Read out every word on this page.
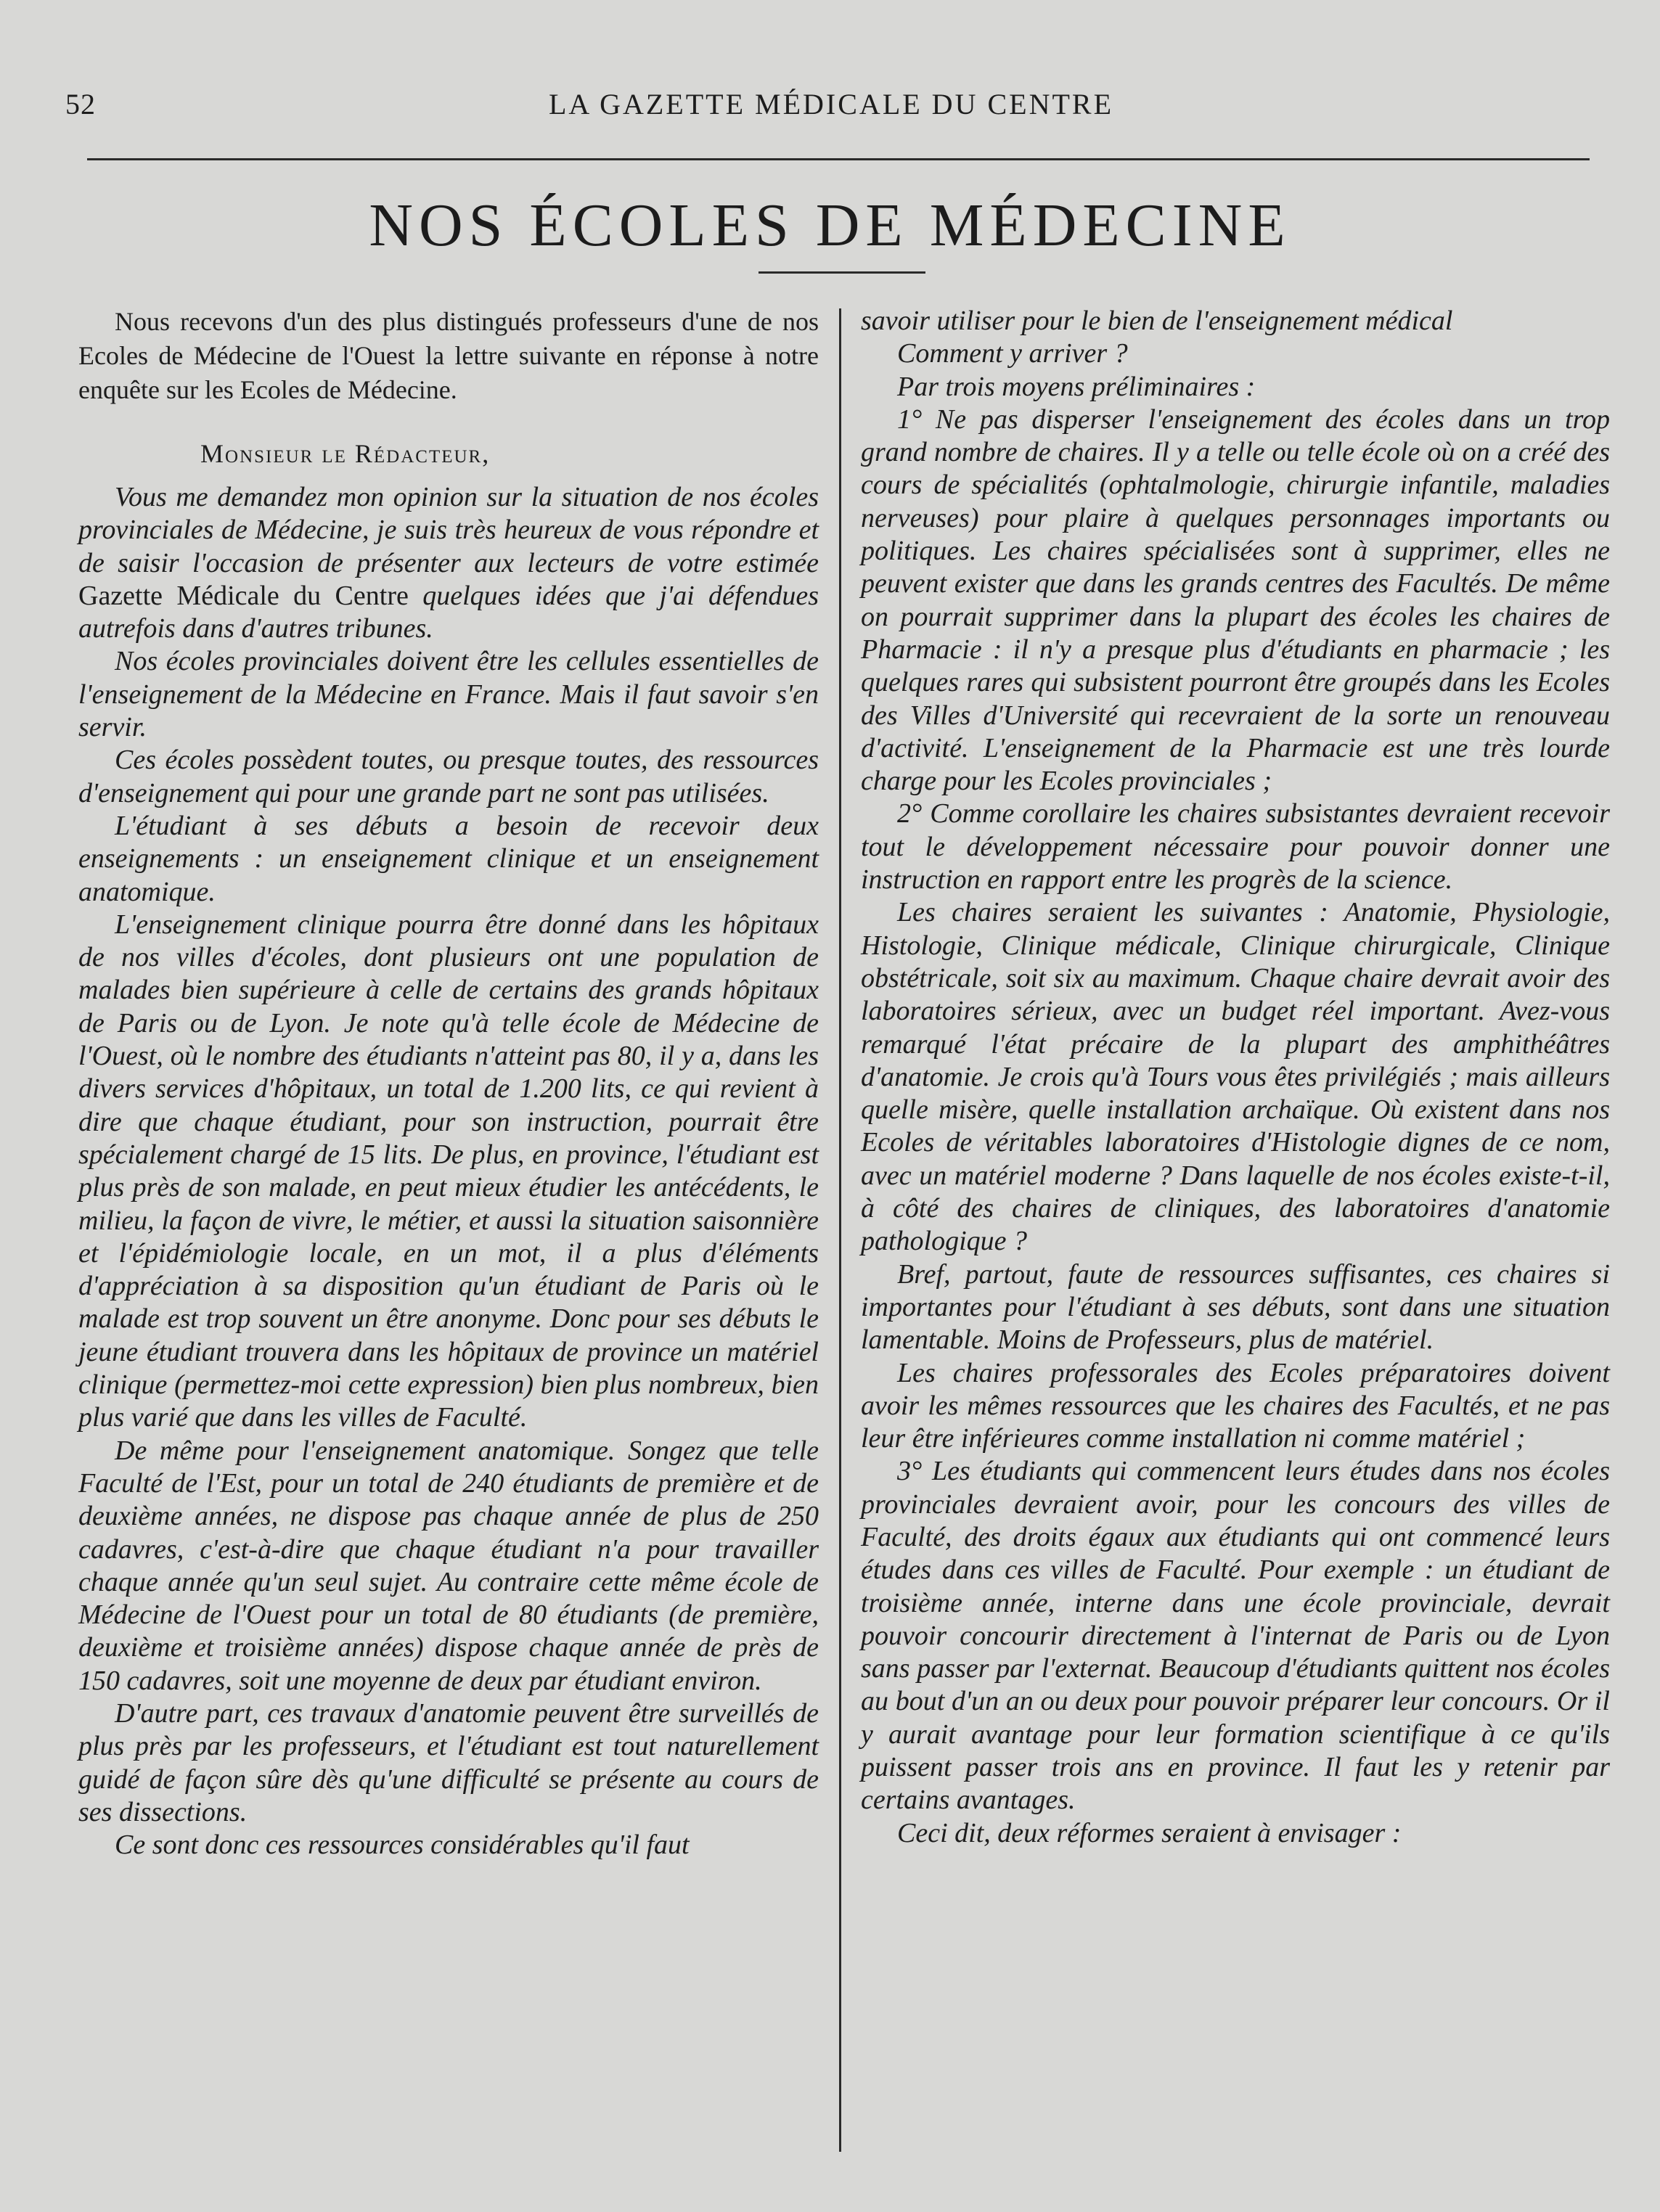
52	LA GAZETTE MÉDICALE DU CENTRE
NOS ÉCOLES DE MÉDECINE

Nous recevons d'un des plus distingués professeurs d'une de nos Ecoles de Médecine de l'Ouest la lettre suivante en réponse à notre enquête sur les Ecoles de Médecine.

Monsieur le Rédacteur,

Vous me demandez mon opinion sur la situation de nos écoles provinciales de Médecine, je suis très heureux de vous répondre et de saisir l'occasion de présenter aux lecteurs de votre estimée Gazette Médicale du Centre quelques idées que j'ai défendues autrefois dans d'autres tribunes.

Nos écoles provinciales doivent être les cellules essentielles de l'enseignement de la Médecine en France. Mais il faut savoir s'en servir.

Ces écoles possèdent toutes, ou presque toutes, des ressources d'enseignement qui pour une grande part ne sont pas utilisées.

L'étudiant à ses débuts a besoin de recevoir deux enseignements : un enseignement clinique et un enseignement anatomique.

L'enseignement clinique pourra être donné dans les hôpitaux de nos villes d'écoles, dont plusieurs ont une population de malades bien supérieure à celle de certains des grands hôpitaux de Paris ou de Lyon. Je note qu'à telle école de Médecine de l'Ouest, où le nombre des étudiants n'atteint pas 80, il y a, dans les divers services d'hôpitaux, un total de 1.200 lits, ce qui revient à dire que chaque étudiant, pour son instruction, pourrait être spécialement chargé de 15 lits. De plus, en province, l'étudiant est plus près de son malade, en peut mieux étudier les antécédents, le milieu, la façon de vivre, le métier, et aussi la situation saisonnière et l'épidémiologie locale, en un mot, il a plus d'éléments d'appréciation à sa disposition qu'un étudiant de Paris où le malade est trop souvent un être anonyme. Donc pour ses débuts le jeune étudiant trouvera dans les hôpitaux de province un matériel clinique (permettez-moi cette expression) bien plus nombreux, bien plus varié que dans les villes de Faculté.

De même pour l'enseignement anatomique. Songez que telle Faculté de l'Est, pour un total de 240 étudiants de première et de deuxième années, ne dispose pas chaque année de plus de 250 cadavres, c'est-à-dire que chaque étudiant n'a pour travailler chaque année qu'un seul sujet. Au contraire cette même école de Médecine de l'Ouest pour un total de 80 étudiants (de première, deuxième et troisième années) dispose chaque année de près de 150 cadavres, soit une moyenne de deux par étudiant environ.

D'autre part, ces travaux d'anatomie peuvent être surveillés de plus près par les professeurs, et l'étudiant est tout naturellement guidé de façon sûre dès qu'une difficulté se présente au cours de ses dissections.

Ce sont donc ces ressources considérables qu'il faut

savoir utiliser pour le bien de l'enseignement médical

Comment y arriver ?

Par trois moyens préliminaires :

1° Ne pas disperser l'enseignement des écoles dans un trop grand nombre de chaires. Il y a telle ou telle école où on a créé des cours de spécialités (ophtalmologie, chirurgie infantile, maladies nerveuses) pour plaire à quelques personnages importants ou politiques. Les chaires spécialisées sont à supprimer, elles ne peuvent exister que dans les grands centres des Facultés. De même on pourrait supprimer dans la plupart des écoles les chaires de Pharmacie : il n'y a presque plus d'étudiants en pharmacie ; les quelques rares qui subsistent pourront être groupés dans les Ecoles des Villes d'Université qui recevraient de la sorte un renouveau d'activité. L'enseignement de la Pharmacie est une très lourde charge pour les Ecoles provinciales ;

2° Comme corollaire les chaires subsistantes devraient recevoir tout le développement nécessaire pour pouvoir donner une instruction en rapport entre les progrès de la science.

Les chaires seraient les suivantes : Anatomie, Physiologie, Histologie, Clinique médicale, Clinique chirurgicale, Clinique obstétricale, soit six au maximum. Chaque chaire devrait avoir des laboratoires sérieux, avec un budget réel important. Avez-vous remarqué l'état précaire de la plupart des amphithéâtres d'anatomie. Je crois qu'à Tours vous êtes privilégiés ; mais ailleurs quelle misère, quelle installation archaïque. Où existent dans nos Ecoles de véritables laboratoires d'Histologie dignes de ce nom, avec un matériel moderne ? Dans laquelle de nos écoles existe-t-il, à côté des chaires de cliniques, des laboratoires d'anatomie pathologique ?

Bref, partout, faute de ressources suffisantes, ces chaires si importantes pour l'étudiant à ses débuts, sont dans une situation lamentable. Moins de Professeurs, plus de matériel.

Les chaires professorales des Ecoles préparatoires doivent avoir les mêmes ressources que les chaires des Facultés, et ne pas leur être inférieures comme installation ni comme matériel ;

3° Les étudiants qui commencent leurs études dans nos écoles provinciales devraient avoir, pour les concours des villes de Faculté, des droits égaux aux étudiants qui ont commencé leurs études dans ces villes de Faculté. Pour exemple : un étudiant de troisième année, interne dans une école provinciale, devrait pouvoir concourir directement à l'internat de Paris ou de Lyon sans passer par l'externat. Beaucoup d'étudiants quittent nos écoles au bout d'un an ou deux pour pouvoir préparer leur concours. Or il y aurait avantage pour leur formation scientifique à ce qu'ils puissent passer trois ans en province. Il faut les y retenir par certains avantages.

Ceci dit, deux réformes seraient à envisager :
